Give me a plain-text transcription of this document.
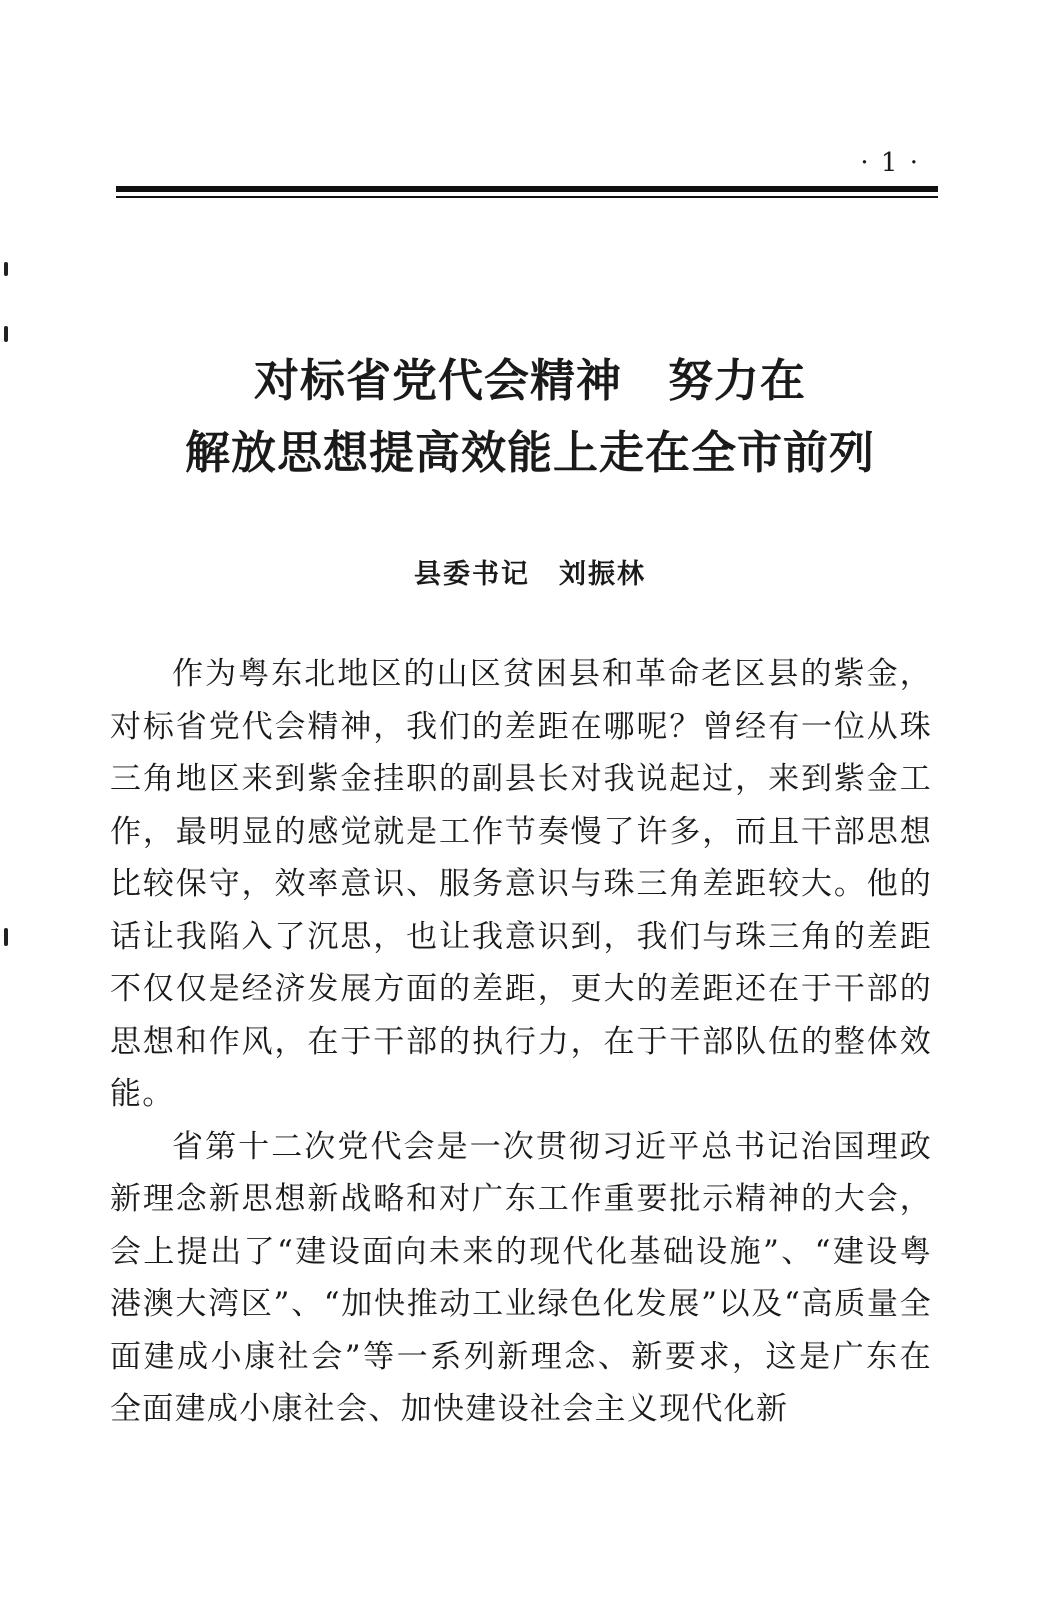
· 1 ·
对标省党代会精神　努力在
解放思想提高效能上走在全市前列
县委书记　刘振林

作为粤东北地区的山区贫困县和革命老区县的紫金，对标省党代会精神，我们的差距在哪呢？曾经有一位从珠三角地区来到紫金挂职的副县长对我说起过，来到紫金工作，最明显的感觉就是工作节奏慢了许多，而且干部思想比较保守，效率意识、服务意识与珠三角差距较大。他的话让我陷入了沉思，也让我意识到，我们与珠三角的差距不仅仅是经济发展方面的差距，更大的差距还在于干部的思想和作风，在于干部的执行力，在于干部队伍的整体效能。

省第十二次党代会是一次贯彻习近平总书记治国理政新理念新思想新战略和对广东工作重要批示精神的大会，会上提出了“建设面向未来的现代化基础设施”、“建设粤港澳大湾区”、“加快推动工业绿色化发展”以及“高质量全面建成小康社会”等一系列新理念、新要求，这是广东在全面建成小康社会、加快建设社会主义现代化新
